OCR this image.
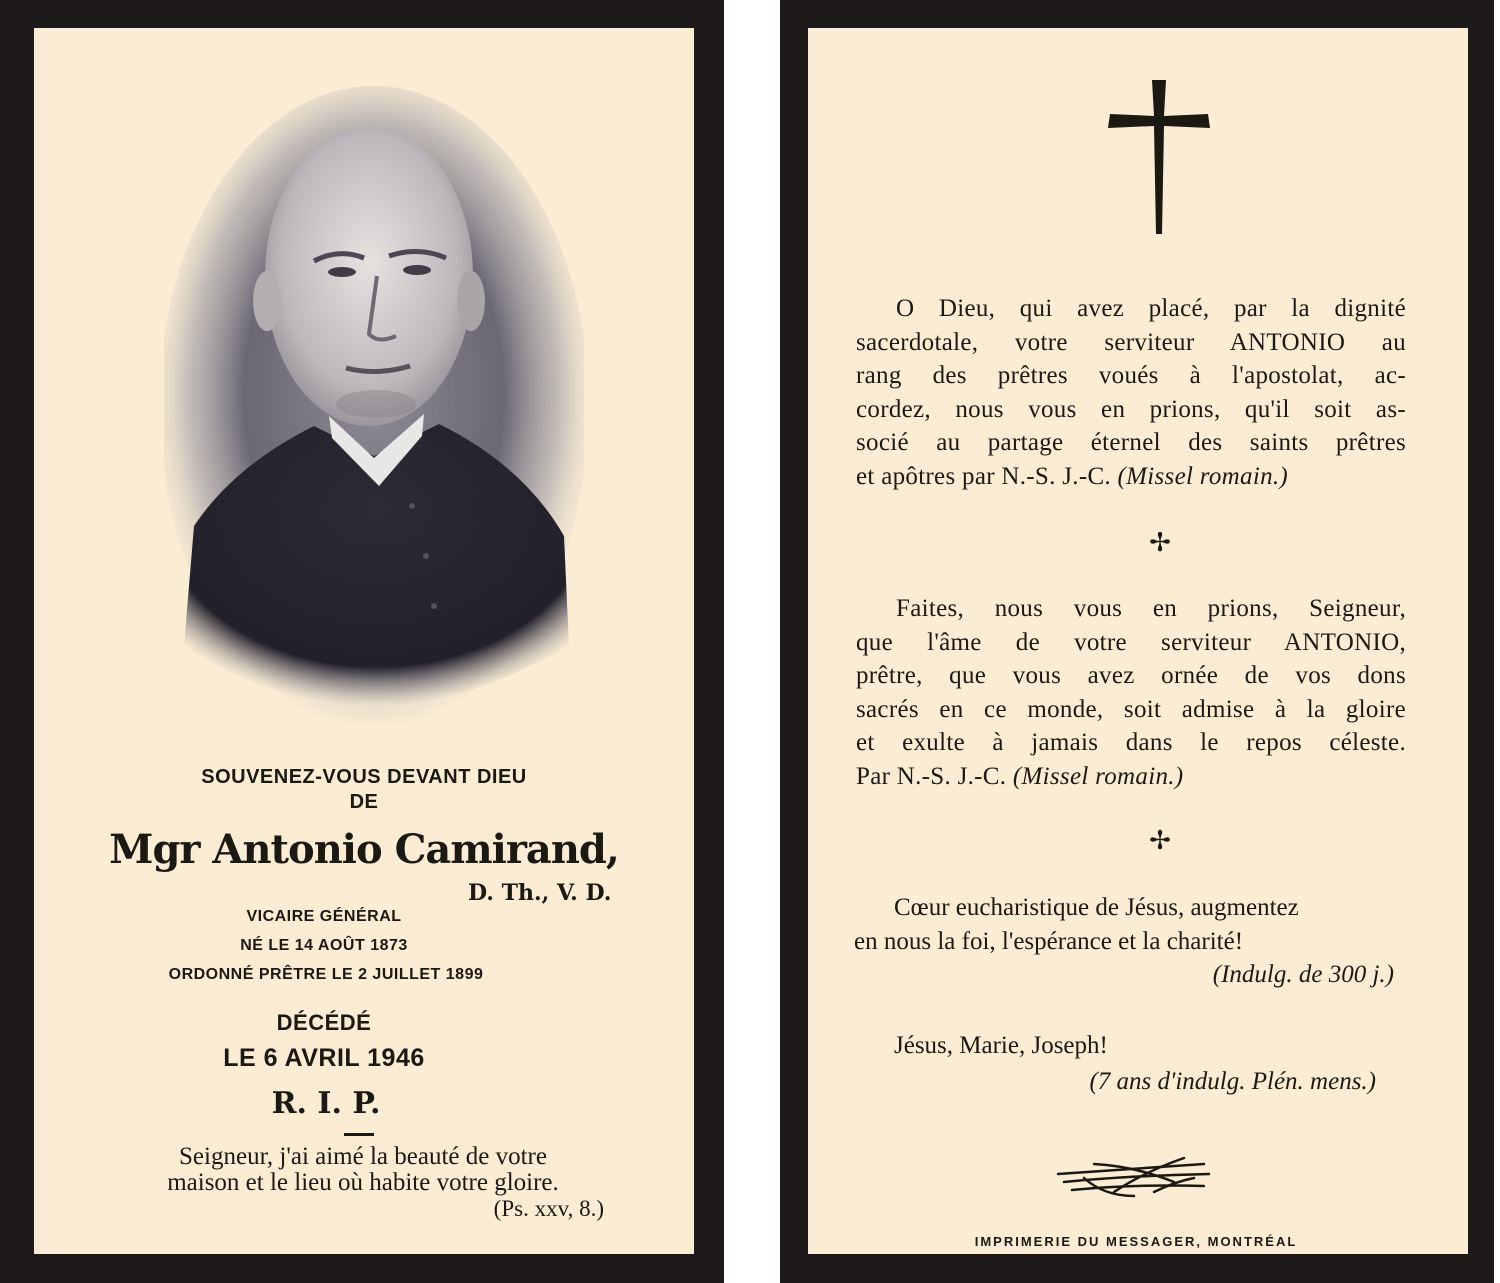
SOUVENEZ-VOUS DEVANT DIEU
DE
Mgr Antonio Camirand,
D. Th., V. D.
VICAIRE GÉNÉRAL
NÉ LE 14 AOÛT 1873
ORDONNÉ PRÊTRE LE 2 JUILLET 1899
DÉCÉDÉ
LE 6 AVRIL 1946
R. I. P.
Seigneur, j'ai aimé la beauté de votre
maison et le lieu où habite votre gloire.
(Ps. xxv, 8.)
O Dieu, qui avez placé, par la dignité
sacerdotale, votre serviteur ANTONIO au
rang des prêtres voués à l'apostolat, ac-
cordez, nous vous en prions, qu'il soit as-
socié au partage éternel des saints prêtres
et apôtres par N.-S. J.-C. (Missel romain.)
✢
Faites, nous vous en prions, Seigneur,
que l'âme de votre serviteur ANTONIO,
prêtre, que vous avez ornée de vos dons
sacrés en ce monde, soit admise à la gloire
et exulte à jamais dans le repos céleste.
Par N.-S. J.-C. (Missel romain.)
✢
Cœur eucharistique de Jésus, augmentez
en nous la foi, l'espérance et la charité!
(Indulg. de 300 j.)
Jésus, Marie, Joseph!
(7 ans d'indulg. Plén. mens.)
IMPRIMERIE DU MESSAGER, MONTRÉAL
